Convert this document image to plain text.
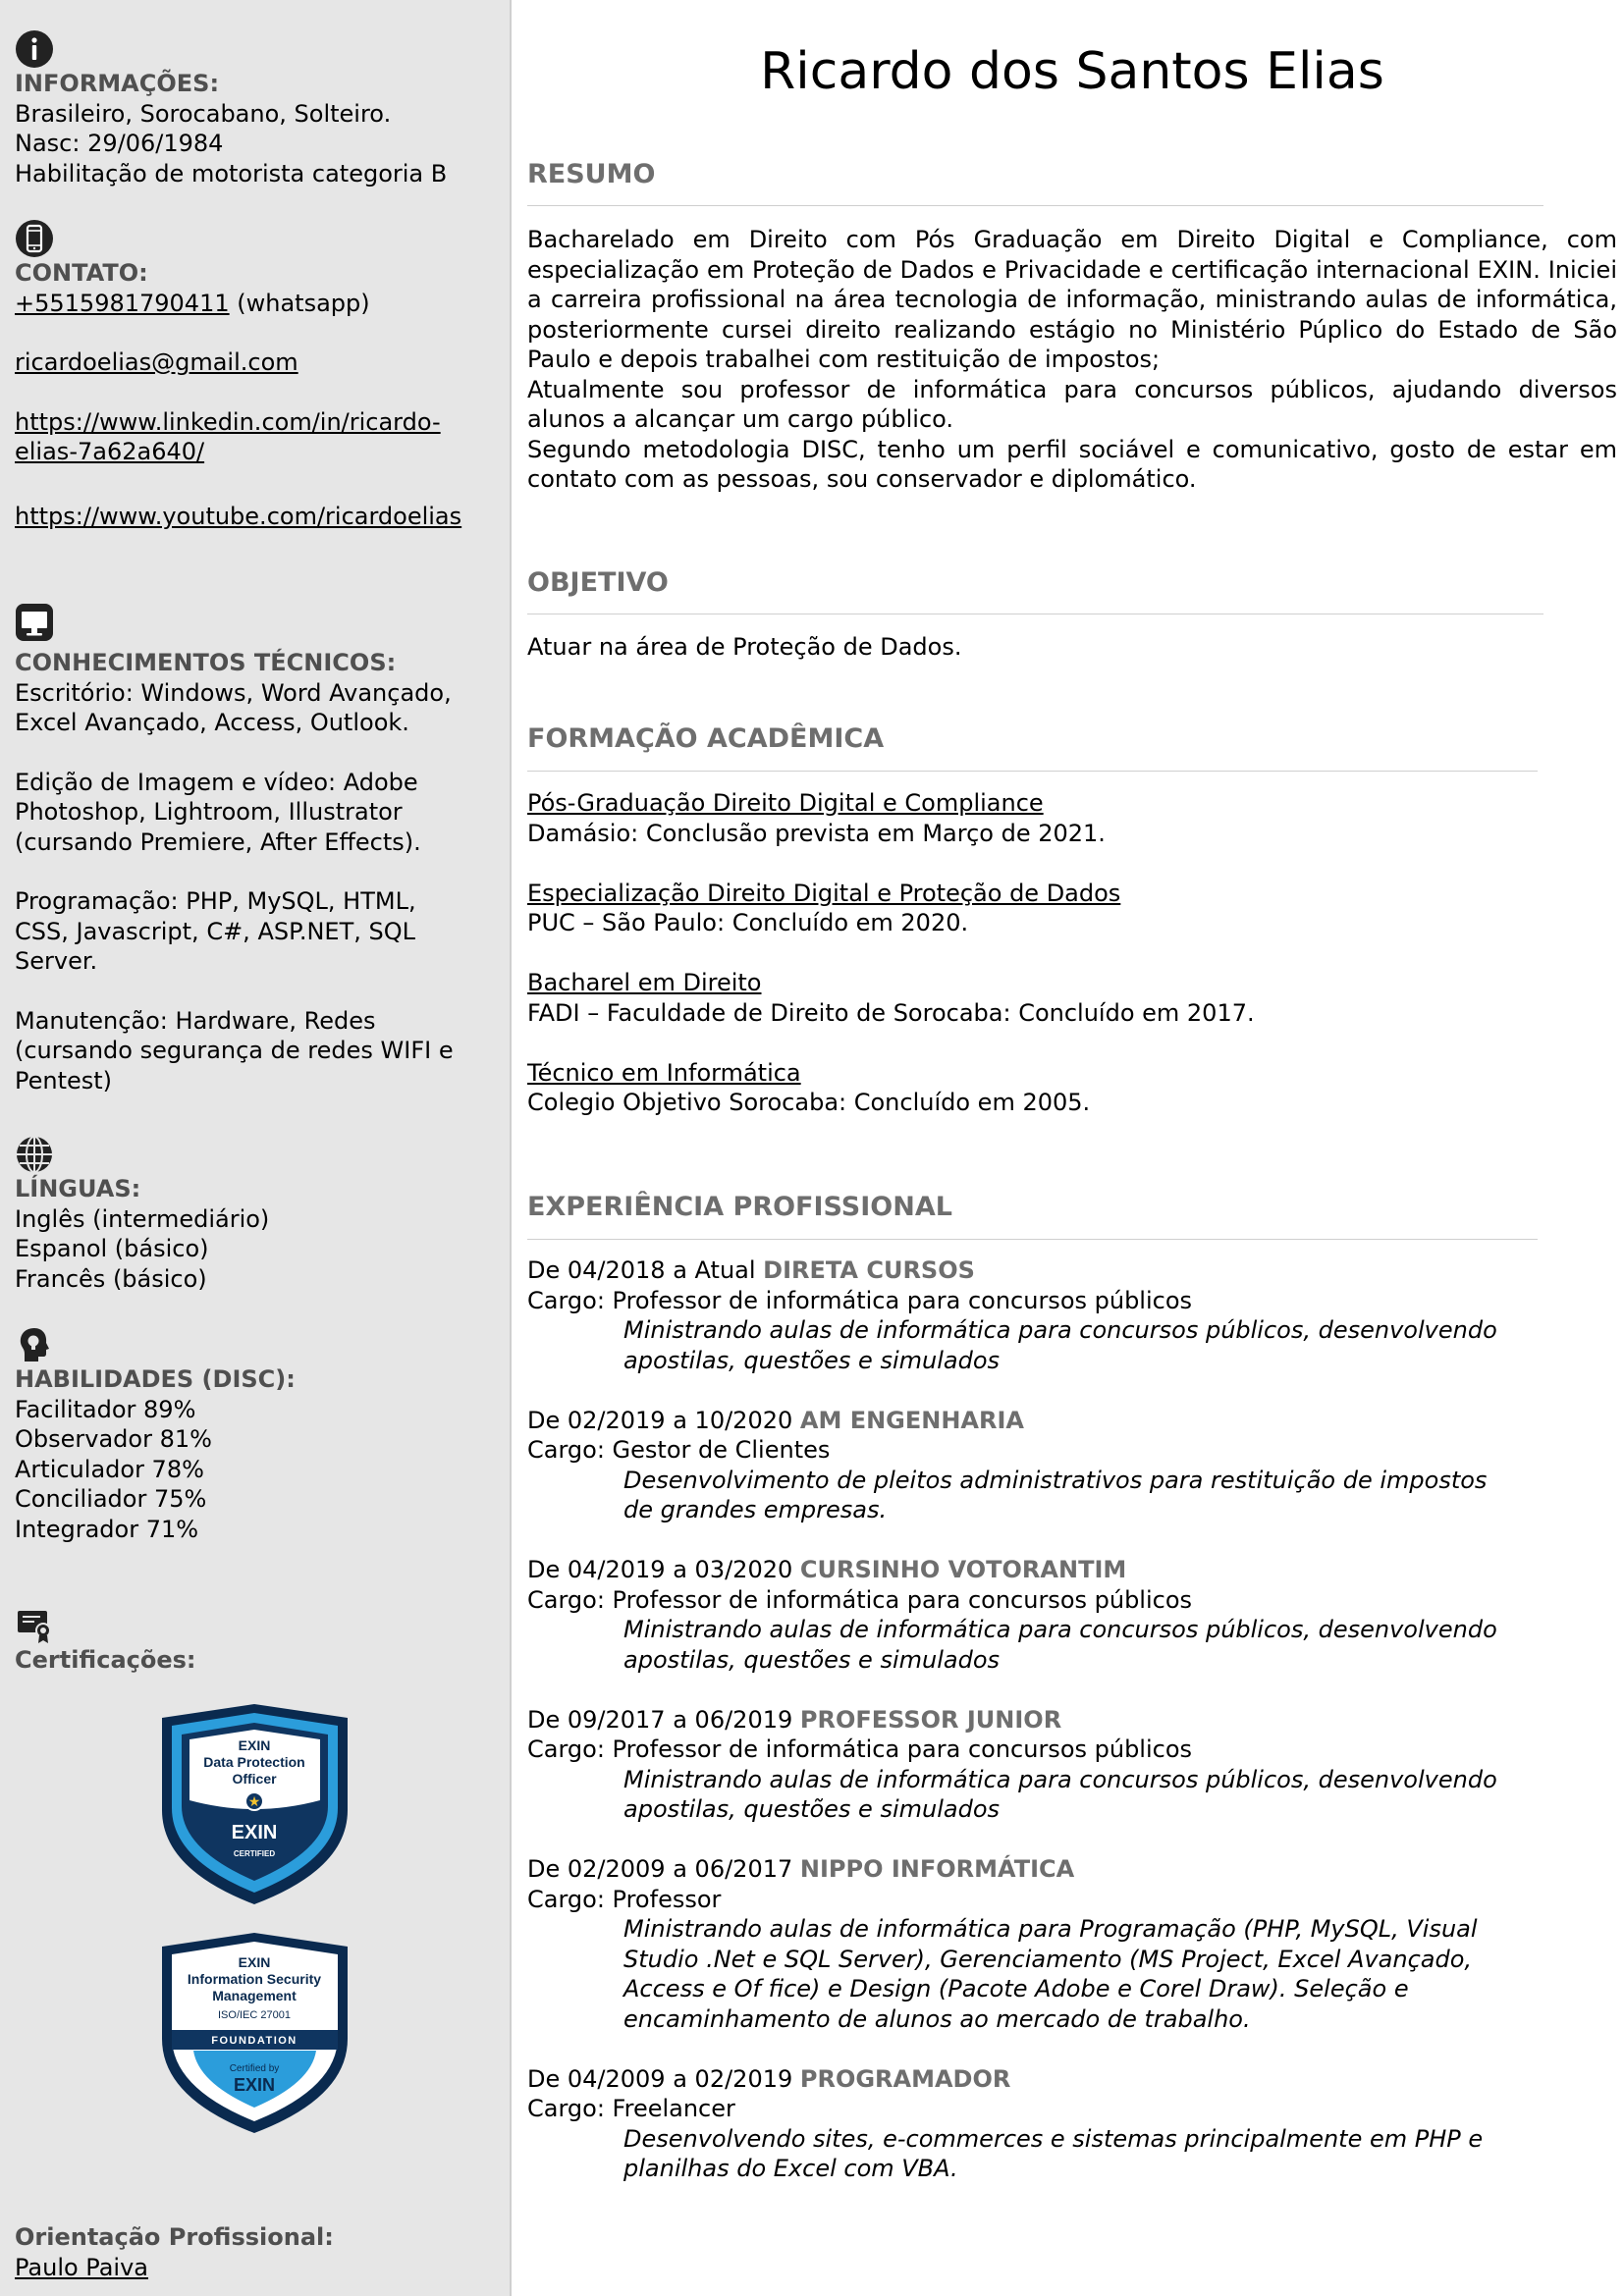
INFORMAÇÕES:
Brasileiro, Sorocabano, Solteiro.
Nasc: 29/06/1984
Habilitação de motorista categoria B
CONTATO:
+5515981790411 (whatsapp)
ricardoelias@gmail.com
https://www.linkedin.com/in/ricardo-
elias-7a62a640/
https://www.youtube.com/ricardoelias
CONHECIMENTOS TÉCNICOS:
Escritório: Windows, Word Avançado,
Excel Avançado, Access, Outlook.
Edição de Imagem e vídeo: Adobe
Photoshop, Lightroom, Illustrator
(cursando Premiere, After Effects).
Programação: PHP, MySQL, HTML,
CSS, Javascript, C#, ASP.NET, SQL
Server.
Manutenção: Hardware, Redes
(cursando segurança de redes WIFI e
Pentest)
LÍNGUAS:
Inglês (intermediário)
Espanol (básico)
Francês (básico)
HABILIDADES (DISC):
Facilitador 89%
Observador 81%
Articulador 78%
Conciliador 75%
Integrador 71%
Certificações:
EXIN
Data Protection
Officer
★
EXIN
CERTIFIED
EXIN
Information Security
Management
ISO/IEC 27001
FOUNDATION
Certified by
EXIN
Orientação Profissional:
Paulo Paiva
Ricardo dos Santos Elias
RESUMO
Bacharelado em Direito com Pós Graduação em Direito Digital e Compliance, com especialização em Proteção de Dados e Privacidade e certificação internacional EXIN. Iniciei a carreira profissional na área tecnologia de informação, ministrando aulas de informática, posteriormente cursei direito realizando estágio no Ministério Púplico do Estado de São Paulo e depois trabalhei com restituição de impostos;
Atualmente sou professor de informática para concursos públicos, ajudando diversos alunos a alcançar um cargo público.
Segundo metodologia DISC, tenho um perfil sociável e comunicativo, gosto de estar em contato com as pessoas, sou conservador e diplomático.
OBJETIVO
Atuar na área de Proteção de Dados.
FORMAÇÃO ACADÊMICA
Pós-Graduação Direito Digital e Compliance
Damásio: Conclusão prevista em Março de 2021.
Especialização Direito Digital e Proteção de Dados
PUC – São Paulo: Concluído em 2020.
Bacharel em Direito
FADI – Faculdade de Direito de Sorocaba: Concluído em 2017.
Técnico em Informática
Colegio Objetivo Sorocaba: Concluído em 2005.
EXPERIÊNCIA PROFISSIONAL
De 04/2018 a Atual DIRETA CURSOS
Cargo: Professor de informática para concursos públicos
Ministrando aulas de informática para concursos públicos, desenvolvendo
apostilas, questões e simulados
De 02/2019 a 10/2020 AM ENGENHARIA
Cargo: Gestor de Clientes
Desenvolvimento de pleitos administrativos para restituição de impostos
de grandes empresas.
De 04/2019 a 03/2020 CURSINHO VOTORANTIM
Cargo: Professor de informática para concursos públicos
Ministrando aulas de informática para concursos públicos, desenvolvendo
apostilas, questões e simulados
De 09/2017 a 06/2019 PROFESSOR JUNIOR
Cargo: Professor de informática para concursos públicos
Ministrando aulas de informática para concursos públicos, desenvolvendo
apostilas, questões e simulados
De 02/2009 a 06/2017 NIPPO INFORMÁTICA
Cargo: Professor
Ministrando aulas de informática para Programação (PHP, MySQL, Visual
Studio .Net e SQL Server), Gerenciamento (MS Project, Excel Avançado,
Access e Of fice) e Design (Pacote Adobe e Corel Draw). Seleção e
encaminhamento de alunos ao mercado de trabalho.
De 04/2009 a 02/2019 PROGRAMADOR
Cargo: Freelancer
Desenvolvendo sites, e-commerces e sistemas principalmente em PHP e
planilhas do Excel com VBA.
